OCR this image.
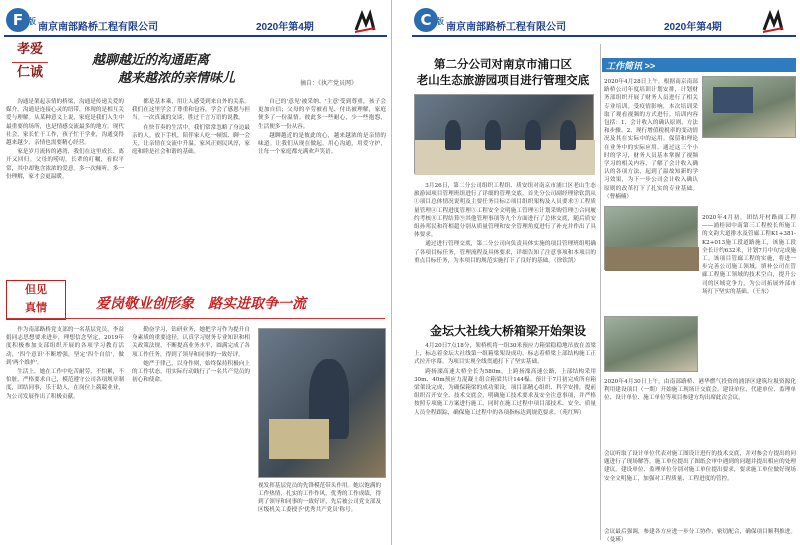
F 版
南京南部路桥工程有限公司	2020年第4期
孝爱
仁诚
越聊越近的沟通距离
越来越浓的亲情味儿	摘自：《执产党员网》

沟通是架起亲情的桥梁，沟通是传递关爱的媒介。沟通是连接心灵的纽带，体现的是相互关爱与理解。从某种意义上说，家庭是我们人生中最重要的场所，也是情感交流最多的地方。现代社会，家长忙于工作，孩子忙于学业，沟通变得越来越少，亲情也需要精心经营。

家是岁月流转的港湾，我们在这里成长、离开又回归。父母的唠叨，长辈的叮嘱，看似平常，其中却饱含浓浓的爱意。多一次倾听，多一份理解，家才会更温暖。

都是基本乘，用让人感受到来自外的关系。我们在这里学会了尊重和包容，学会了感恩与担当。一次真诚的交谈，胜过千言万语的说教。

在快节奏的生活中，我们常常忽略了身边最亲的人。放下手机，陪伴家人吃一顿饭、聊一会天，让亲情在交流中升温。家风正则民风淳，家庭和睦是社会和谐的基础。

自己的'意见'被采纳、'主意'受到尊重，孩子会更加自信；父母的辛劳被看见、付出被理解，家庭便多了一份温情。彼此多一些耐心，少一些抱怨，生活便多一份从容。

越聊越近的是彼此的心，越来越浓的是亲情的味道。让我们从现在做起，用心沟通，用爱守护，让每一个家庭都充满欢声笑语。

但见
真情	爱岗敬业创形象　路实进取争一流

作为南部路桥党支部的一名基层党员，李益娟同志思想要求进步，理想信念坚定，2019年度积极参加支部组织开展的各项学习教育活动，'四个意识'不断增强，坚定'四个自信'，做到'两个维护'。

生活上，她在工作中吃苦耐劳，不怕累，不怕脏，严格要求自己，模范遵守公司各项规章制度，团结同事，乐于助人，在岗位上兢兢业业，为公司发展作出了积极贡献。

勤奋学习，钻研业务，她把学习作为提升自身素质的重要途径，认真学习财务专业知识和相关政策法规，不断提高业务水平，圆满完成了各项工作任务，得到了领导和同事的一致好评。

她严于律己，以身作则，始终保持积极向上的工作状态，用实际行动践行了一名共产党员的初心和使命。

视发挥基层党员的先锋模范带头作用。她以饱满的工作热情，扎实的工作作风，优秀的工作成绩，得到了领导和同事的一致好评，先后被公司党支部及区级机关工委授予'优秀共产党员'称号。
C 版
南京南部路桥工程有限公司	2020年第4期
第二分公司对南京市浦口区
老山生态旅游园项目进行管理交底

3月26日，第二分公司组织工程组、质安组对南京市浦口区老山生态旅游园项目管理班组进行了详细的管理交底。首先分公司副经理徐钦凯从①项目总体情况说明及主要任务目标②项目组织架构及人员要求③工程质量管理④工程进度管理⑤工程安全文明施工管理⑥计划采购管理⑦合同履约考核⑧工程结算⑨其他管理事项等九个方面进行了总体交底，随后质安组孙邦民和符相超分别从质量管理和安全管理角度进行了补充并作出了具体要求。

通过进行管理交底，第二分公司向负责具体实施的项目管理班组明确了各项目标任务，管理流程及具体要求，详细告知了注意事项和本项目的重点目标任务，为本项目的规范实施打下了良好的基础。（徐钦凯）

金坛大社线大桥箱梁开始架设

4月20日7点18分，架桥机将一组30米预应力箱梁稳稳地吊放在盖梁上，标志着金坛大社线第一组箱梁架设成功，标志着桥梁上部结构施工正式拉开序幕。为项目实现全线贯通打下了坚实基础。

跨扬溧高速大桥全长为580m，上跨扬溧高速公路，上部结构采用30m、40m预应力混凝土组合箱梁共计144榀。预计于7月初完成所有箱梁架设完成，为确保箱梁的成功架设，项目部精心组织、科学安排，提前组织召开安全、技术交底会，明确施工技术要求及安全注意事项，并严格按照专项施工方案进行施工，同时在施工过程中项目部技术、安全、质量人员全程跟踪，确保施工过程中的各项指标达到规范要求。（苑红辉）

工作简讯 >>
2020年4月28日上午，根据南京南部路桥公司年度培训计划安排，计划财务部组织开展了财务人员进行了相关专业培训。受疫情影响，本次培训采取了观看视频的方式进行。培训内容包括：1、会计收入的确认原则、方法和步骤。2、现行增值税税率的变动情况及其在实际中的运用。保留和理论在业务中的实际应用。通过这三个小时的学习，财务人员基本掌握了视频学习的相关内容，了解了会计收入确认的各项方法，起到了温故知新的学习效果，为下一步公司会计收入确认原则的改革打下了扎实的专业基础。（曹楠楠）
2020年4月初，团结圩村路面工程——浦桂园中南第三工程校长所施工的文韵大道排水及管廊工程K1+381-K2+013施工段道路施工，该施工段全长计约632米，计划7月中旬完成施工。该项目管廊工程的实施，将进一步完善公司施工领域，填补公司在管廊工程施工领域的技术空白，提升公司的区域竞争力，为公司拓展外部市场打下坚实的基础。（王东）
2020年4月30日上午，由南部路桥、港华燃气投资的浦泽区建筑垃圾资源化利用建设项目（一期）开始施工现场计交底会。建设单位、代建单位、监理单位、设计单位、施工单位等项目参建方均出席此次会议。
会议听取了设计单位代表对施工图设计进行的技术交底，并对参会方提出的问题进行了现场解答。施工单位提出了图纸会审中遇到的问题并提出相应的处理建议。建设单位、监理单位分别对施工单位提出要求，要求施工单位做好现场安全文明施工，加强对工程质量、工程进度的管控。
会议最后强调，参建各方应进一步分工协作，密切配合，确保项目顺利推进。（曼瑛）
